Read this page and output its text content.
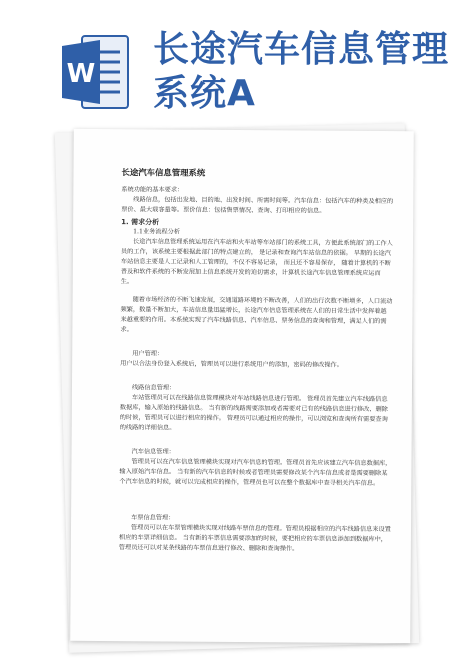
W
长途汽车信息管理
系统A
长途汽车信息管理系统

系统功能的基本要求：

线路信息，包括出发地、目的地、出发时间、所需时间等。汽车信息：包括汽车的种类及相应的票价、最大载客量等。票价信息：包括售票情况、查询、打印相应的信息。

1. 需求分析

1.1业务流程分析

长途汽车信息管理系统运用在汽车站和火车站等车站部门的系统工具，方便此系统部门的工作人员的工作，该系统主要根据此部门的特点建立的， 是记录和查询汽车站信息的依据。 早期的长途汽车站信息主要是人工记录和人工管理的，不仅不容易记录， 而且还不容易保存， 随着计算机的不断普及和软件系统的不断发展加上信息系统开发的迫切需求，计算机长途汽车信息管理系统应运而生。

随着市场经济的不断飞速发展，交通道路环境的不断改善，人们的出行次数不断增多，人口流动频繁，数量不断加大，车站信息量迅猛增长，长途汽车信息管理系统在人们的日常生活中发挥着越来越重要的作用。本系统实现了汽车线路信息、汽车信息、票务信息的查询和管理，满足人们的需求。

用户管理：

用户以合法身份登入系统后，管理员可以进行系统用户的添加，密码的修改操作。

线路信息管理：

车站管理员可以在线路信息管理模块对车站线路信息进行管理。 管理员首先建立汽车线路信息数据库，输入原始的线路信息。 当有新的线路需要添加或者需要对已有的线路信息进行修改、删除的时候，管理员可以进行相应的操作。 管理员可以通过相应的操作，可以浏览和查询所有需要查询的线路的详细信息。

汽车信息管理：

管理员可以在汽车信息管理模块实现对汽车信息的管理。管理员首先应该建立汽车信息数据库，输入原始汽车信息。 当有新的汽车信息的时候或者管理员需要修改某个汽车信息或者是需要删除某个汽车信息的时候，就可以完成相应的操作，管理员也可以在整个数据库中查寻相关汽车信息。

车票信息管理：

管理员可以在车票管理模块实现对线路车票信息的管理。管理员根据相应的汽车线路信息来设置相应的车票详细信息。 当有新的车票信息需要添加的时候，要把相应的车票信息添加到数据库中，管理员还可以对某条线路的车票信息进行修改、删除和查询操作。
